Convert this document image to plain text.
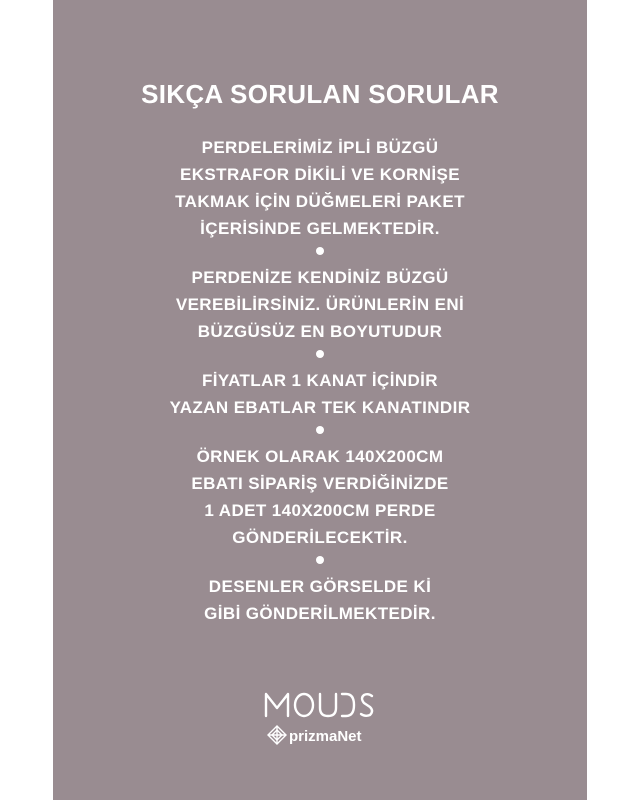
SIKÇA SORULAN SORULAR
PERDELERİMİZ İPLİ BÜZGÜ
EKSTRAFOR DİKİLİ VE KORNİŞE
TAKMAK İÇİN DÜĞMELERİ PAKET
İÇERİSİNDE GELMEKTEDİR.
PERDENİZE KENDİNİZ BÜZGÜ
VEREBİLİRSİNİZ. ÜRÜNLERİN ENİ
BÜZGÜSÜZ EN BOYUTUDUR
FİYATLAR 1 KANAT İÇİNDİR
YAZAN EBATLAR TEK KANATINDIR
ÖRNEK OLARAK 140X200CM
EBATI SİPARİŞ VERDİĞİNİZDE
1 ADET 140X200CM PERDE
GÖNDERİLECEKTİR.
DESENLER GÖRSELDE Kİ
GİBİ GÖNDERİLMEKTEDİR.
prizmaNet
